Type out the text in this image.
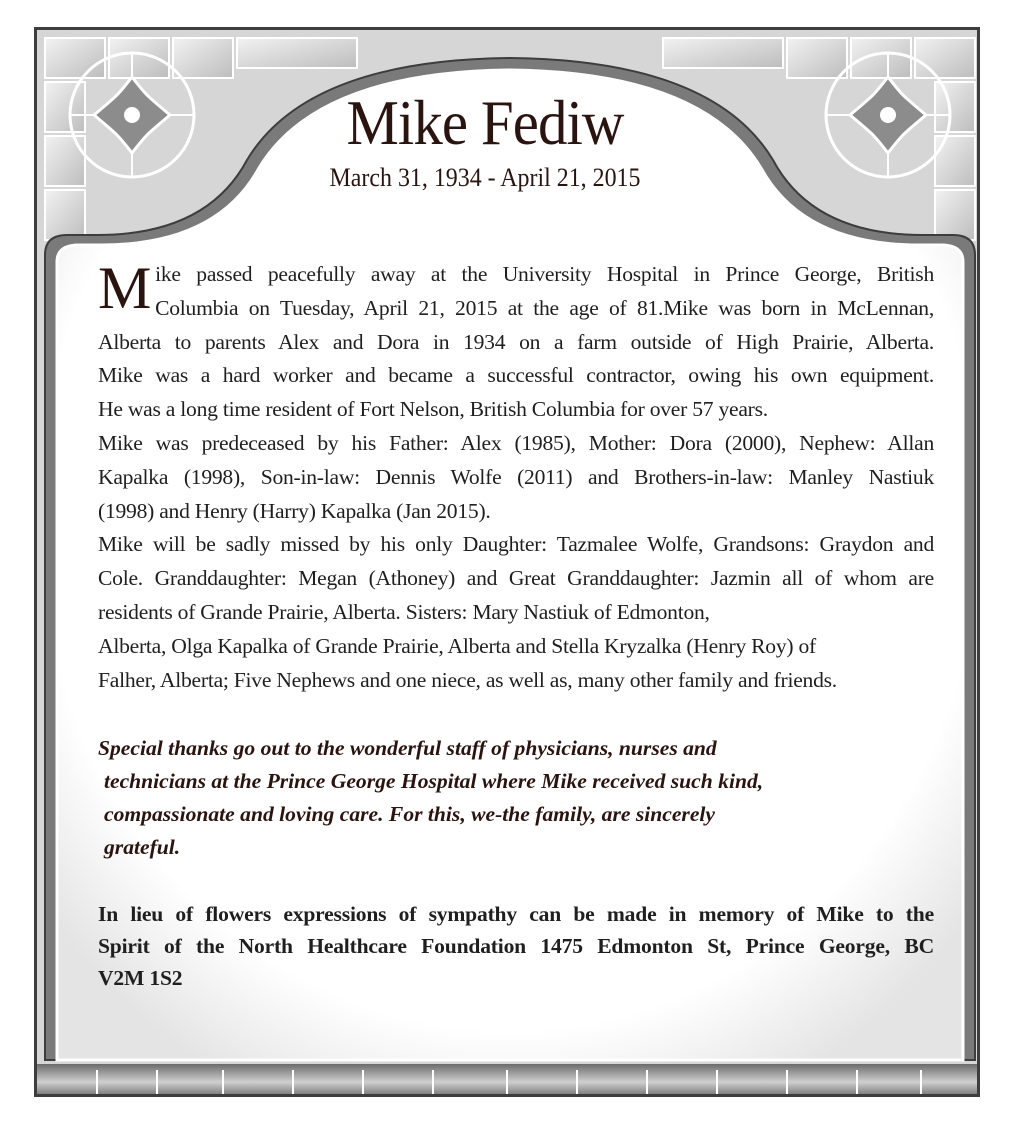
Mike Fediw
March 31, 1934 - April 21, 2015
M ike passed peacefully away at the University Hospital in Prince George, British
Columbia on Tuesday, April 21, 2015 at the age of 81.Mike was born in McLennan,
Alberta to parents Alex and Dora in 1934 on a farm outside of High Prairie, Alberta.
Mike was a hard worker and became a successful contractor, owing his own equipment.
He was a long time resident of Fort Nelson, British Columbia for over 57 years.
Mike was predeceased by his Father: Alex (1985), Mother: Dora (2000), Nephew: Allan
Kapalka (1998), Son-in-law: Dennis Wolfe (2011) and Brothers-in-law: Manley Nastiuk
(1998) and Henry (Harry) Kapalka (Jan 2015).
Mike will be sadly missed by his only Daughter: Tazmalee Wolfe, Grandsons: Graydon and
Cole. Granddaughter: Megan (Athoney) and Great Granddaughter: Jazmin all of whom are
residents of Grande Prairie, Alberta. Sisters: Mary Nastiuk of Edmonton,
Alberta, Olga Kapalka of Grande Prairie, Alberta and Stella Kryzalka (Henry Roy) of
Falher, Alberta; Five Nephews and one niece, as well as, many other family and friends.
Special thanks go out to the wonderful staff of physicians, nurses and
technicians at the Prince George Hospital where Mike received such kind,
compassionate and loving care. For this, we-the family, are sincerely
grateful.
In lieu of flowers expressions of sympathy can be made in memory of Mike to the
Spirit of the North Healthcare Foundation 1475 Edmonton St, Prince George, BC
V2M 1S2
